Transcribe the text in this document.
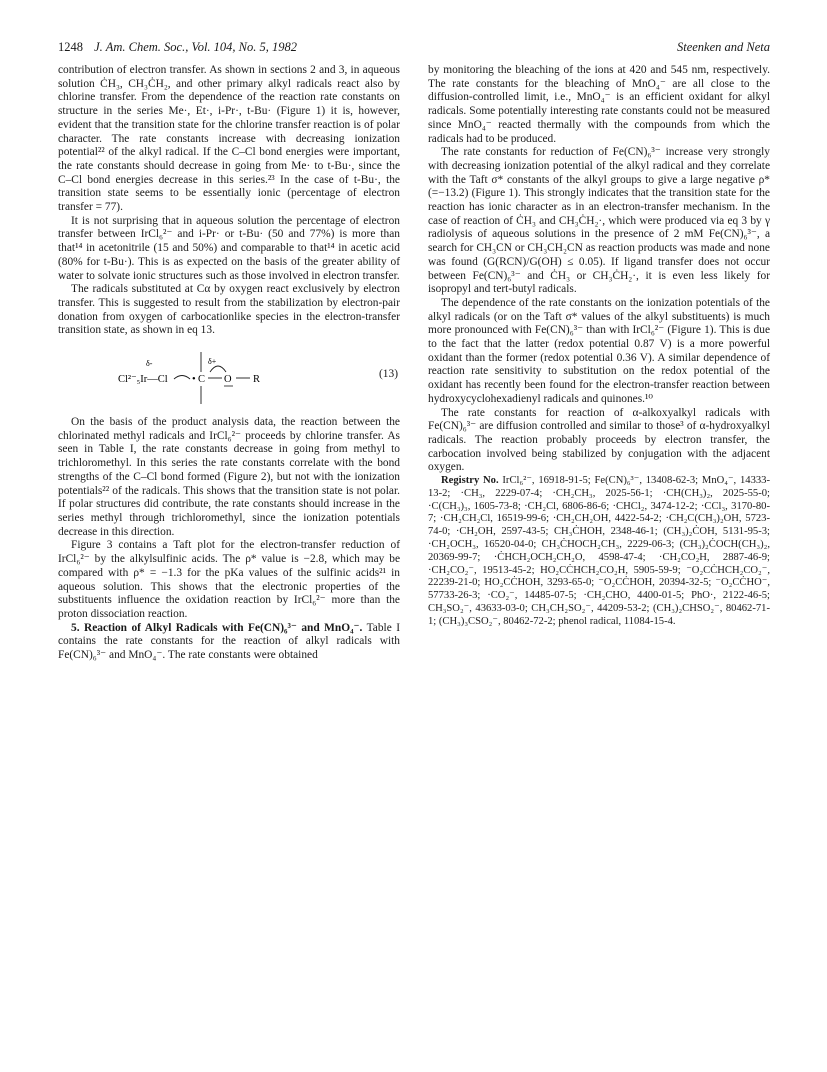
1248 J. Am. Chem. Soc., Vol. 104, No. 5, 1982	Steenken and Neta

contribution of electron transfer. As shown in sections 2 and 3, in aqueous solution ĊH₃, CH₃ĊH₂, and other primary alkyl radicals react also by chlorine transfer. From the dependence of the reaction rate constants on structure in the series Me·, Et·, i-Pr·, t-Bu· (Figure 1) it is, however, evident that the transition state for the chlorine transfer reaction is of polar character. The rate constants increase with decreasing ionization potential²² of the alkyl radical. If the C–Cl bond energies were important, the rate constants should decrease in going from Me· to t-Bu·, since the C–Cl bond energies decrease in this series.²³ In the case of t-Bu·, the transition state seems to be essentially ionic (percentage of electron transfer = 77).

It is not surprising that in aqueous solution the percentage of electron transfer between IrCl₆²⁻ and i-Pr· or t-Bu· (50 and 77%) is more than that¹⁴ in acetonitrile (15 and 50%) and comparable to that¹⁴ in acetic acid (80% for t-Bu·). This is as expected on the basis of the greater ability of water to solvate ionic structures such as those involved in electron transfer.

The radicals substituted at Cα by oxygen react exclusively by electron transfer. This is suggested to result from the stabilization by electron-pair donation from oxygen of carbocationlike species in the electron-transfer transition state, as shown in eq 13.

Cl²⁻₅Ir—Cl
δ-
• C
δ+
O R	(13)

On the basis of the product analysis data, the reaction between the chlorinated methyl radicals and IrCl₆²⁻ proceeds by chlorine transfer. As seen in Table I, the rate constants decrease in going from methyl to trichloromethyl. In this series the rate constants correlate with the bond strengths of the C–Cl bond formed (Figure 2), but not with the ionization potentials²² of the radicals. This shows that the transition state is not polar. If polar structures did contribute, the rate constants should increase in the series methyl through trichloromethyl, since the ionization potentials decrease in this direction.

Figure 3 contains a Taft plot for the electron-transfer reduction of IrCl₆²⁻ by the alkylsulfinic acids. The ρ* value is −2.8, which may be compared with ρ* = −1.3 for the pKa values of the sulfinic acids²¹ in aqueous solution. This shows that the electronic properties of the substituents influence the oxidation reaction by IrCl₆²⁻ more than the proton dissociation reaction.

5. Reaction of Alkyl Radicals with Fe(CN)₆³⁻ and MnO₄⁻. Table I contains the rate constants for the reaction of alkyl radicals with Fe(CN)₆³⁻ and MnO₄⁻. The rate constants were obtained

by monitoring the bleaching of the ions at 420 and 545 nm, respectively. The rate constants for the bleaching of MnO₄⁻ are all close to the diffusion-controlled limit, i.e., MnO₄⁻ is an efficient oxidant for alkyl radicals. Some potentially interesting rate constants could not be measured since MnO₄⁻ reacted thermally with the compounds from which the radicals had to be produced.

The rate constants for reduction of Fe(CN)₆³⁻ increase very strongly with decreasing ionization potential of the alkyl radical and they correlate with the Taft σ* constants of the alkyl groups to give a large negative ρ* (=−13.2) (Figure 1). This strongly indicates that the transition state for the reaction has ionic character as in an electron-transfer mechanism. In the case of reaction of ĊH₃ and CH₃ĊH₂·, which were produced via eq 3 by γ radiolysis of aqueous solutions in the presence of 2 mM Fe(CN)₆³⁻, a search for CH₃CN or CH₃CH₂CN as reaction products was made and none was found (G(RCN)/G(OH) ≤ 0.05). If ligand transfer does not occur between Fe(CN)₆³⁻ and ĊH₃ or CH₃ĊH₂·, it is even less likely for isopropyl and tert-butyl radicals.

The dependence of the rate constants on the ionization potentials of the alkyl radicals (or on the Taft σ* values of the alkyl substituents) is much more pronounced with Fe(CN)₆³⁻ than with IrCl₆²⁻ (Figure 1). This is due to the fact that the latter (redox potential 0.87 V) is a more powerful oxidant than the former (redox potential 0.36 V). A similar dependence of reaction rate sensitivity to substitution on the redox potential of the oxidant has recently been found for the electron-transfer reaction between hydroxycyclohexadienyl radicals and quinones.¹⁰

The rate constants for reaction of α-alkoxyalkyl radicals with Fe(CN)₆³⁻ are diffusion controlled and similar to those³ of α-hydroxyalkyl radicals. The reaction probably proceeds by electron transfer, the carbocation involved being stabilized by conjugation with the adjacent oxygen.

Registry No. IrCl₆²⁻, 16918-91-5; Fe(CN)₆³⁻, 13408-62-3; MnO₄⁻, 14333-13-2; ·CH₃, 2229-07-4; ·CH₂CH₃, 2025-56-1; ·CH(CH₃)₂, 2025-55-0; ·C(CH₃)₃, 1605-73-8; ·CH₂Cl, 6806-86-6; ·CHCl₂, 3474-12-2; ·CCl₃, 3170-80-7; ·CH₂CH₂Cl, 16519-99-6; ·CH₂CH₂OH, 4422-54-2; ·CH₂C(CH₃)₂OH, 5723-74-0; ·CH₂OH, 2597-43-5; CH₃ĊHOH, 2348-46-1; (CH₃)₂ĊOH, 5131-95-3; ·CH₂OCH₃, 16520-04-0; CH₃ĊHOCH₂CH₃, 2229-06-3; (CH₃)₂ĊOCH(CH₃)₂, 20369-99-7; ·ĊHCH₂OCH₂CH₂O, 4598-47-4; ·CH₂CO₂H, 2887-46-9; ·CH₂CO₂⁻, 19513-45-2; HO₂CĊHCH₂CO₂H, 5905-59-9; ⁻O₂CĊHCH₂CO₂⁻, 22239-21-0; HO₂CĊHOH, 3293-65-0; ⁻O₂CĊHOH, 20394-32-5; ⁻O₂CĊHO⁻, 57733-26-3; ·CO₂⁻, 14485-07-5; ·CH₂CHO, 4400-01-5; PhO·, 2122-46-5; CH₃SO₂⁻, 43633-03-0; CH₃CH₂SO₂⁻, 44209-53-2; (CH₃)₂CHSO₂⁻, 80462-71-1; (CH₃)₃CSO₂⁻, 80462-72-2; phenol radical, 11084-15-4.
